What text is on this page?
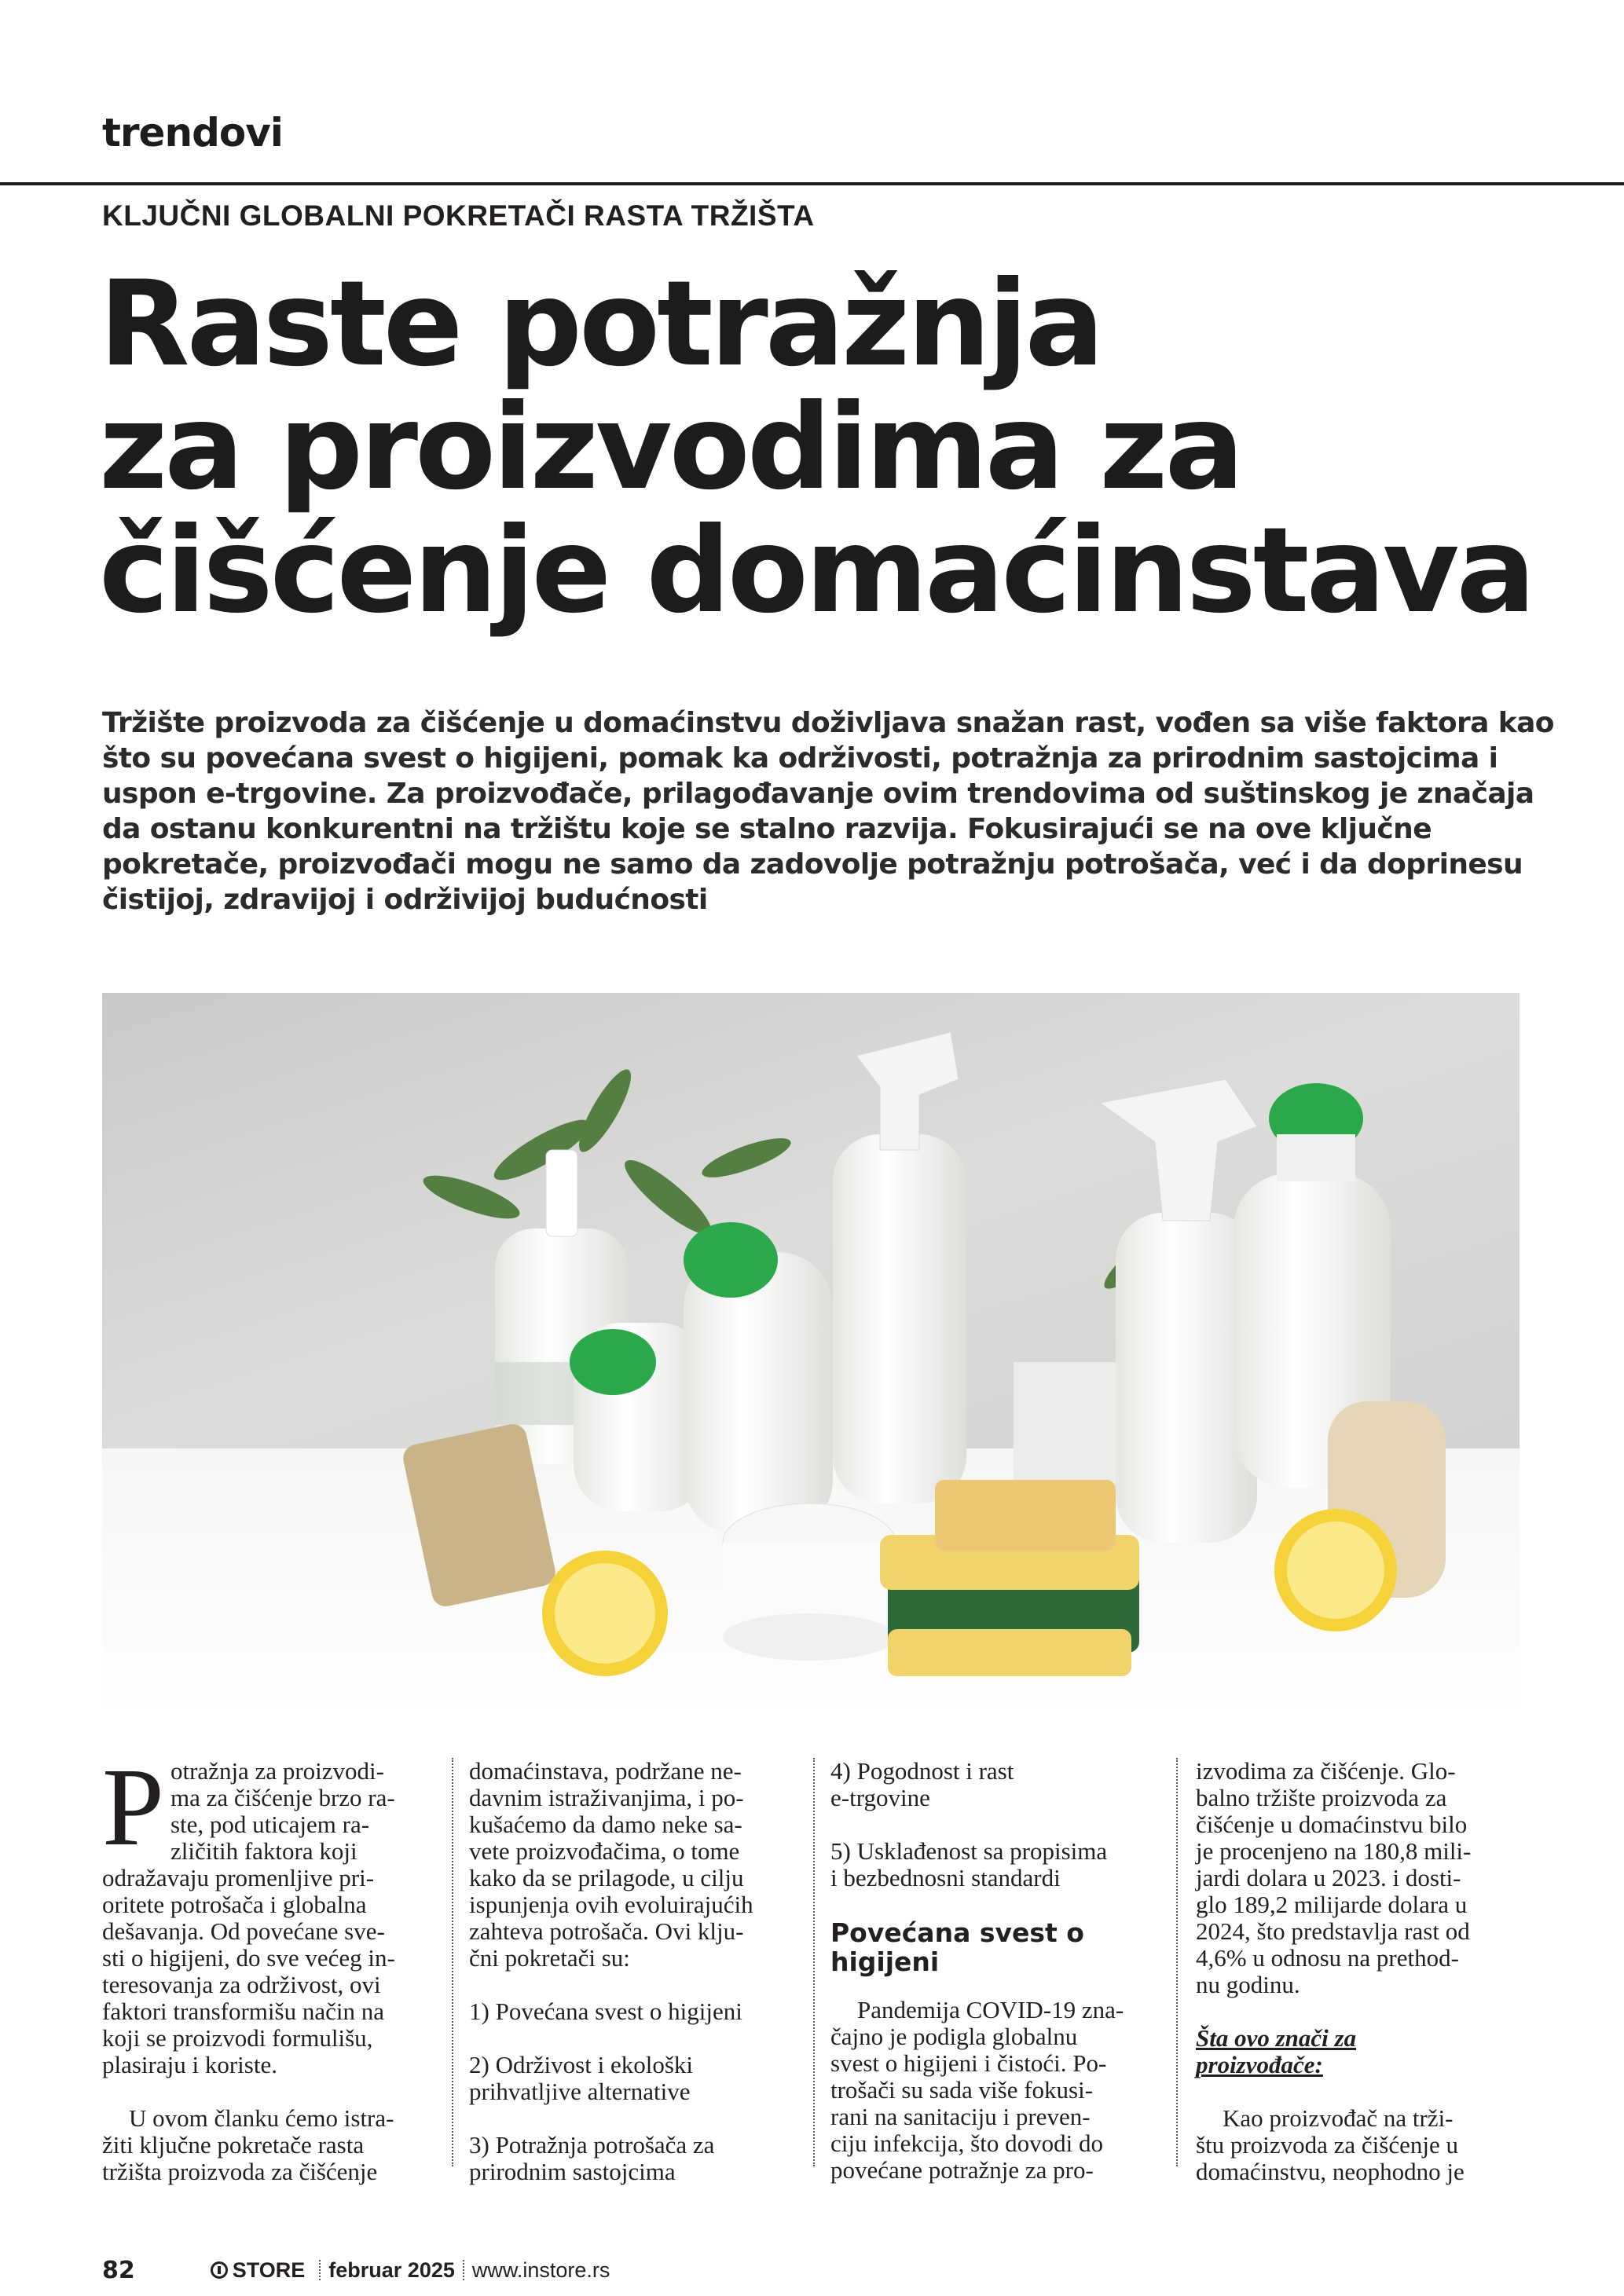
trendovi
KLJUČNI GLOBALNI POKRETAČI RASTA TRŽIŠTA
Raste potražnja
za proizvodima za
čišćenje domaćinstava

Tržište proizvoda za čišćenje u domaćinstvu doživljava snažan rast, vođen sa više faktora kao
što su povećana svest o higijeni, pomak ka održivosti, potražnja za prirodnim sastojcima i
uspon e-trgovine. Za proizvođače, prilagođavanje ovim trendovima od suštinskog je značaja
da ostanu konkurentni na tržištu koje se stalno razvija. Fokusirajući se na ove ključne
pokretače, proizvođači mogu ne samo da zadovolje potražnju potrošača, već i da doprinesu
čistijoj, zdravijoj i održivijoj budućnosti

P otražnja za proizvodi-
ma za čišćenje brzo ra-
ste, pod uticajem ra-
zličitih faktora koji
odražavaju promenljive pri-
oritete potrošača i globalna
dešavanja. Od povećane sve-
sti o higijeni, do sve većeg in-
teresovanja za održivost, ovi
faktori transformišu način na
koji se proizvodi formulišu,
plasiraju i koriste.

U ovom članku ćemo istra-
žiti ključne pokretače rasta
tržišta proizvoda za čišćenje

domaćinstava, podržane ne-
davnim istraživanjima, i po-
kušaćemo da damo neke sa-
vete proizvođačima, o tome
kako da se prilagode, u cilju
ispunjenja ovih evoluirajućih
zahteva potrošača. Ovi klju-
čni pokretači su:

1) Povećana svest o higijeni

2) Održivost i ekološki
prihvatljive alternative

3) Potražnja potrošača za
prirodnim sastojcima

4) Pogodnost i rast
e-trgovine

5) Usklađenost sa propisima
i bezbednosni standardi

Povećana svest o
higijeni

Pandemija COVID-19 zna-
čajno je podigla globalnu
svest o higijeni i čistoći. Po-
trošači su sada više fokusi-
rani na sanitaciju i preven-
ciju infekcija, što dovodi do
povećane potražnje za pro-

izvodima za čišćenje. Glo-
balno tržište proizvoda za
čišćenje u domaćinstvu bilo
je procenjeno na 180,8 mili-
jardi dolara u 2023. i dosti-
glo 189,2 milijarde dolara u
2024, što predstavlja rast od
4,6% u odnosu na prethod-
nu godinu.

Šta ovo znači za
proizvođače:

Kao proizvođač na trži-
štu proizvoda za čišćenje u
domaćinstvu, neophodno je

82	STORE februar 2025 www.instore.rs
